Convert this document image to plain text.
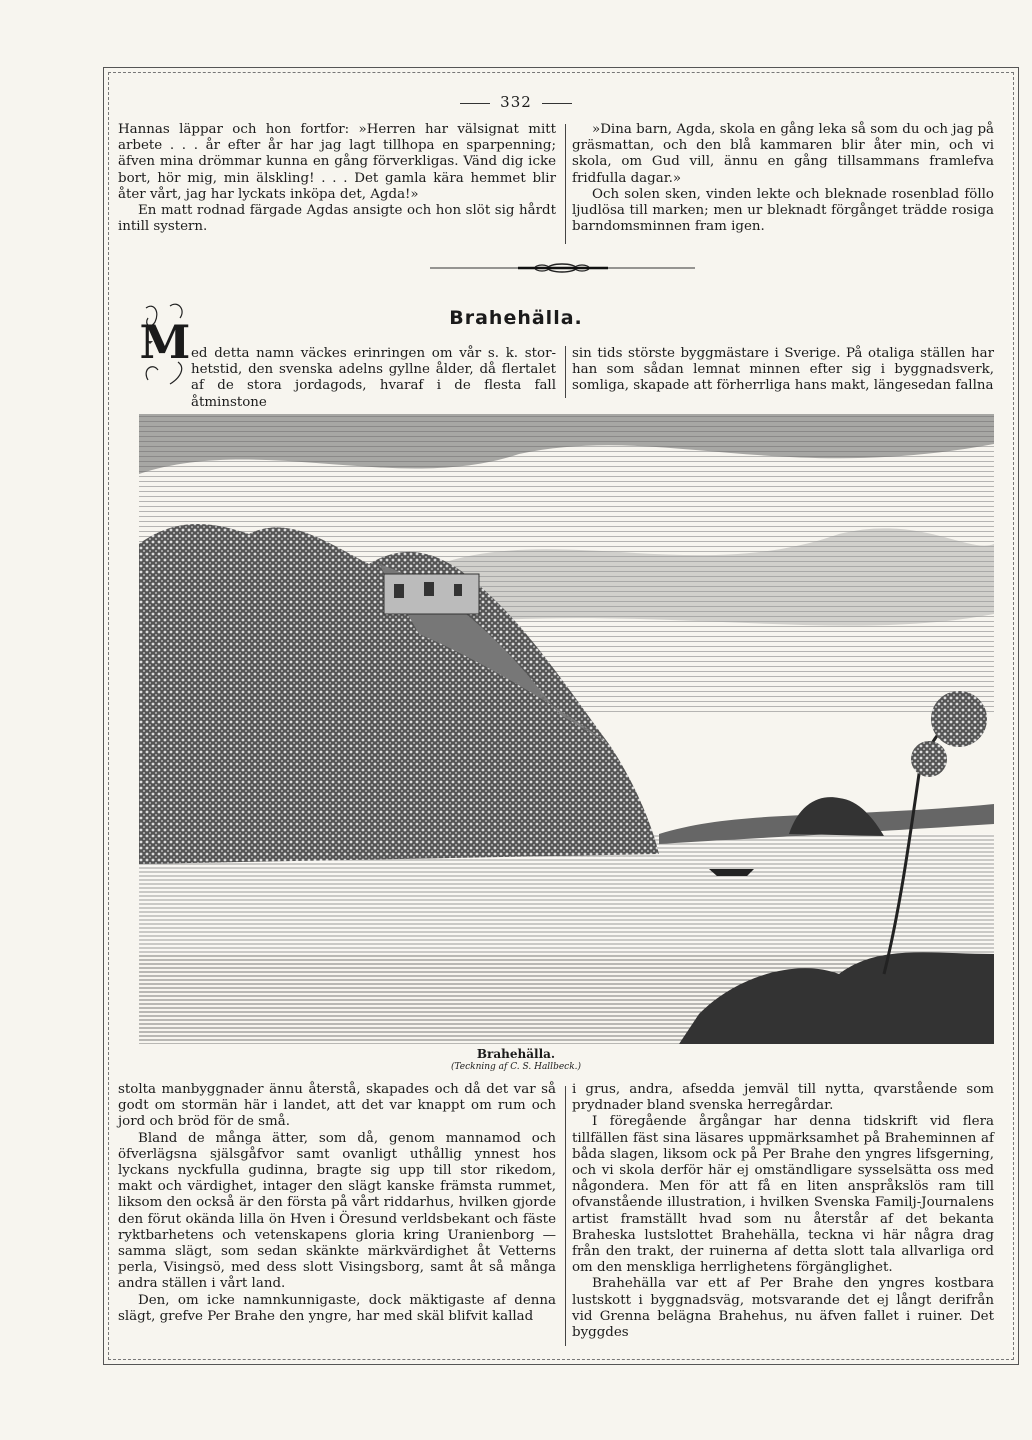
332

Hannas läppar och hon fortfor: »Herren har välsignat mitt arbete . . . år efter år har jag lagt tillhopa en sparpenning; äfven mina drömmar kunna en gång förverkligas. Vänd dig icke bort, hör mig, min älskling! . . . Det gamla kära hemmet blir åter vårt, jag har lyckats inköpa det, Agda!»

En matt rodnad färgade Agdas ansigte och hon slöt sig hårdt intill systern.

»Dina barn, Agda, skola en gång leka så som du och jag på gräsmattan, och den blå kammaren blir åter min, och vi skola, om Gud vill, ännu en gång tillsammans framlefva fridfulla dagar.»

Och solen sken, vinden lekte och bleknade rosenblad föllo ljudlösa till marken; men ur bleknadt förgånget trädde rosiga barndomsminnen fram igen.

Brahehälla.
M ed detta namn väckes erinringen om vår s. k. stor-hetstid, den svenska adelns gyllne ålder, då flertalet af de stora jordagods, hvaraf i de flesta fall åtminstone

sin tids störste byggmästare i Sverige. På otaliga ställen har han som sådan lemnat minnen efter sig i byggnadsverk, somliga, skapade att förherrliga hans makt, längesedan fallna

Brahehälla.
(Teckning af C. S. Hallbeck.)

stolta manbyggnader ännu återstå, skapades och då det var så godt om stormän här i landet, att det var knappt om rum och jord och bröd för de små.

Bland de många ätter, som då, genom mannamod och öfverlägsna själsgåfvor samt ovanligt uthållig ynnest hos lyckans nyckfulla gudinna, bragte sig upp till stor rikedom, makt och värdighet, intager den slägt kanske främsta rummet, liksom den också är den första på vårt riddarhus, hvilken gjorde den förut okända lilla ön Hven i Öresund verldsbekant och fäste ryktbarhetens och vetenskapens gloria kring Uranienborg — samma slägt, som sedan skänkte märkvärdighet åt Vetterns perla, Visingsö, med dess slott Visingsborg, samt åt så många andra ställen i vårt land.

Den, om icke namnkunnigaste, dock mäktigaste af denna slägt, grefve Per Brahe den yngre, har med skäl blifvit kallad

i grus, andra, afsedda jemväl till nytta, qvarstående som prydnader bland svenska herregårdar.

I föregående årgångar har denna tidskrift vid flera tillfällen fäst sina läsares uppmärksamhet på Braheminnen af båda slagen, liksom ock på Per Brahe den yngres lifsgerning, och vi skola derför här ej omständligare sysselsätta oss med någondera. Men för att få en liten anspråkslös ram till ofvanstående illustration, i hvilken Svenska Familj-Journalens artist framställt hvad som nu återstår af det bekanta Braheska lustslottet Brahehälla, teckna vi här några drag från den trakt, der ruinerna af detta slott tala allvarliga ord om den menskliga herrlighetens förgänglighet.

Brahehälla var ett af Per Brahe den yngres kostbara lustskott i byggnadsväg, motsvarande det ej långt derifrån vid Grenna belägna Brahehus, nu äfven fallet i ruiner. Det byggdes
